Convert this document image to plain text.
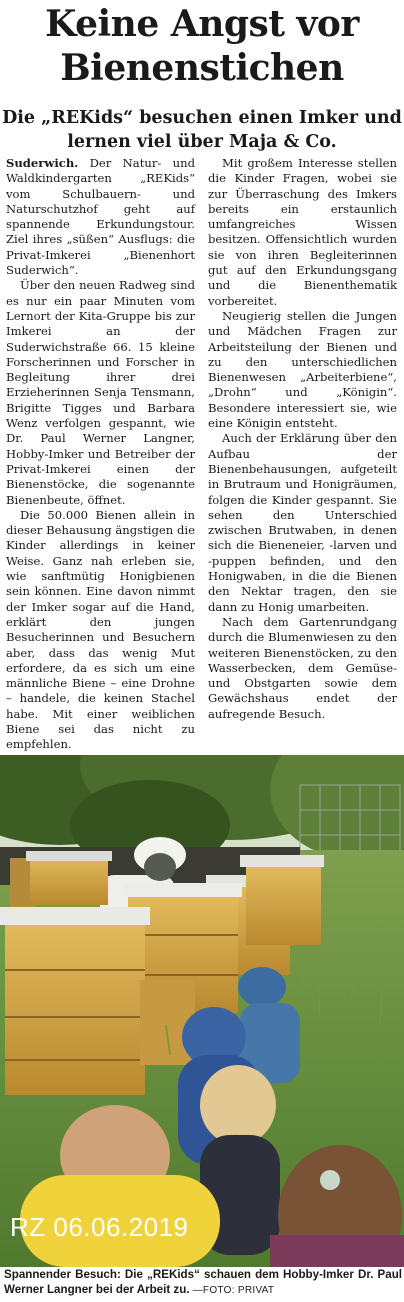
Keine Angst vor Bienenstichen
Die „REKids“ besuchen einen Imker und lernen viel über Maja & Co.

Suderwich. Der Natur- und Waldkindergarten „REKids“ vom Schulbauern- und Naturschutzhof geht auf spannende Erkundungstour. Ziel ihres „süßen“ Ausflugs: die Privat-Imkerei „Bienenhort Suderwich“.

Über den neuen Radweg sind es nur ein paar Minuten vom Lernort der Kita-Gruppe bis zur Imkerei an der Suderwichstraße 66. 15 kleine Forscherinnen und Forscher in Begleitung ihrer drei Erzieherinnen Senja Tensmann, Brigitte Tigges und Barbara Wenz verfolgen gespannt, wie Dr. Paul Werner Langner, Hobby-Imker und Betreiber der Privat-Imkerei einen der Bienenstöcke, die sogenannte Bienenbeute, öffnet.

Die 50.000 Bienen allein in dieser Behausung ängstigen die Kinder allerdings in keiner Weise. Ganz nah erleben sie, wie sanftmütig Honigbienen sein können. Eine davon nimmt der Imker sogar auf die Hand, erklärt den jungen Besucherinnen und Besuchern aber, dass das wenig Mut erfordere, da es sich um eine männliche Biene – eine Drohne – handele, die keinen Stachel habe. Mit einer weiblichen Biene sei das nicht zu empfehlen.

Mit großem Interesse stellen die Kinder Fragen, wobei sie zur Überraschung des Imkers bereits ein erstaunlich umfangreiches Wissen besitzen. Offensichtlich wurden sie von ihren Begleiterinnen gut auf den Erkundungsgang und die Bienenthematik vorbereitet.

Neugierig stellen die Jungen und Mädchen Fragen zur Arbeitsteilung der Bienen und zu den unterschiedlichen Bienenwesen „Arbeiterbiene“, „Drohn“ und „Königin“. Besondere interessiert sie, wie eine Königin entsteht.

Auch der Erklärung über den Aufbau der Bienenbehausungen, aufgeteilt in Brutraum und Honigräumen, folgen die Kinder gespannt. Sie sehen den Unterschied zwischen Brutwaben, in denen sich die Bieneneier, -larven und -puppen befinden, und den Honigwaben, in die die Bienen den Nektar tragen, den sie dann zu Honig umarbeiten.

Nach dem Gartenrundgang durch die Blumenwiesen zu den weiteren Bienenstöcken, zu den Wasserbecken, dem Gemüse- und Obstgarten sowie dem Gewächshaus endet der aufregende Besuch.

RZ 06.06.2019
Spannender Besuch: Die „REKids“ schauen dem Hobby-Imker Dr. Paul Werner Langner bei der Arbeit zu. —FOTO: PRIVAT
